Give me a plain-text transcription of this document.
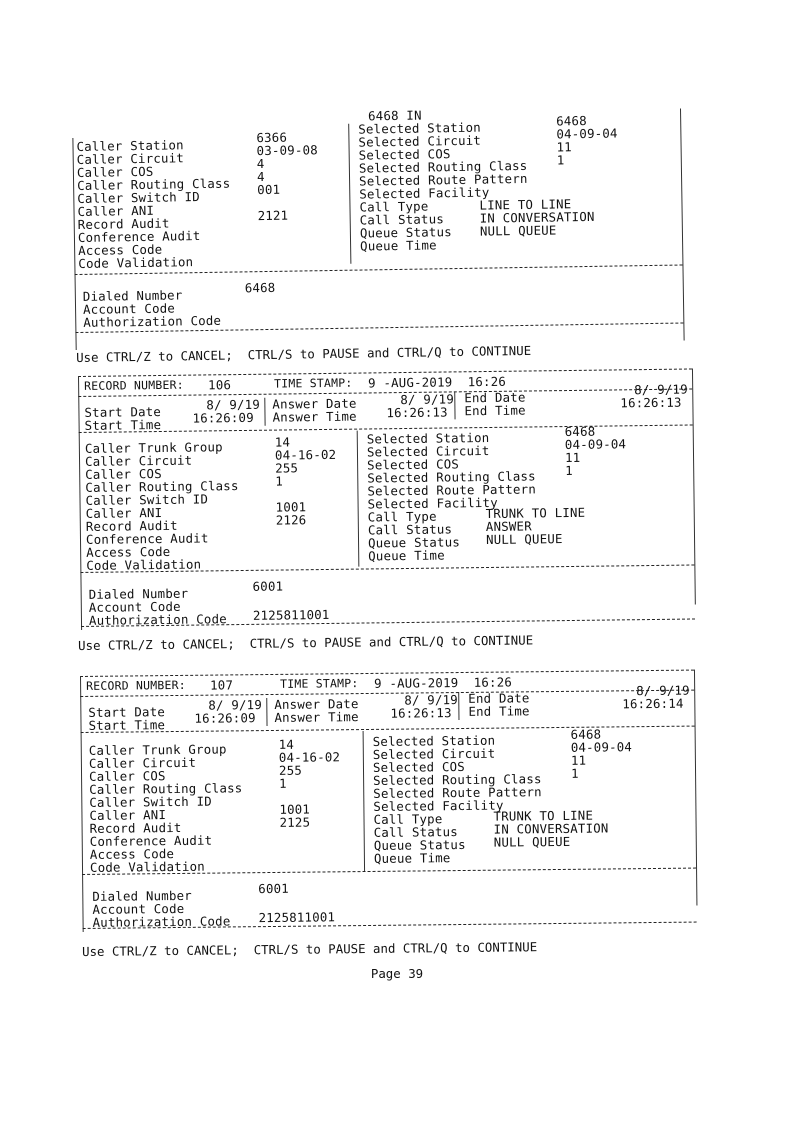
6468 IN
Caller Station
Caller Circuit
Caller COS
Caller Routing Class
Caller Switch ID
Caller ANI
Record Audit
Conference Audit
Access Code
Code Validation
6366
03-09-08
4
4
001
2121
Selected Station
Selected Circuit
Selected COS
Selected Routing Class
Selected Route Pattern
Selected Facility
Call Type
Call Status
Queue Status
Queue Time
6468
04-09-04
11
1
LINE TO LINE
IN CONVERSATION
NULL QUEUE
Dialed Number
Account Code
Authorization Code
6468
Use CTRL/Z to CANCEL;  CTRL/S to PAUSE and CTRL/Q to CONTINUE
RECORD NUMBER: 106	TIME STAMP: 9 -AUG-2019  16:26
Start Date
Start Time
8/ 9/19
16:26:09
Answer Date
Answer Time
8/ 9/19
16:26:13
End Date
End Time
8/ 9/19
16:26:13
Caller Trunk Group
Caller Circuit
Caller COS
Caller Routing Class
Caller Switch ID
Caller ANI
Record Audit
Conference Audit
Access Code
Code Validation
14
04-16-02
255
1
1001
2126
Selected Station
Selected Circuit
Selected COS
Selected Routing Class
Selected Route Pattern
Selected Facility
Call Type
Call Status
Queue Status
Queue Time
6468
04-09-04
11
1
TRUNK TO LINE
ANSWER
NULL QUEUE
Dialed Number
Account Code
Authorization Code
6001
2125811001
Use CTRL/Z to CANCEL;  CTRL/S to PAUSE and CTRL/Q to CONTINUE
RECORD NUMBER: 107	TIME STAMP: 9 -AUG-2019  16:26
Start Date
Start Time
8/ 9/19
16:26:09
Answer Date
Answer Time
8/ 9/19
16:26:13
End Date
End Time
8/ 9/19
16:26:14
Caller Trunk Group
Caller Circuit
Caller COS
Caller Routing Class
Caller Switch ID
Caller ANI
Record Audit
Conference Audit
Access Code
Code Validation
14
04-16-02
255
1
1001
2125
Selected Station
Selected Circuit
Selected COS
Selected Routing Class
Selected Route Pattern
Selected Facility
Call Type
Call Status
Queue Status
Queue Time
6468
04-09-04
11
1
TRUNK TO LINE
IN CONVERSATION
NULL QUEUE
Dialed Number
Account Code
Authorization Code
6001
2125811001
Use CTRL/Z to CANCEL;  CTRL/S to PAUSE and CTRL/Q to CONTINUE
Page 39
